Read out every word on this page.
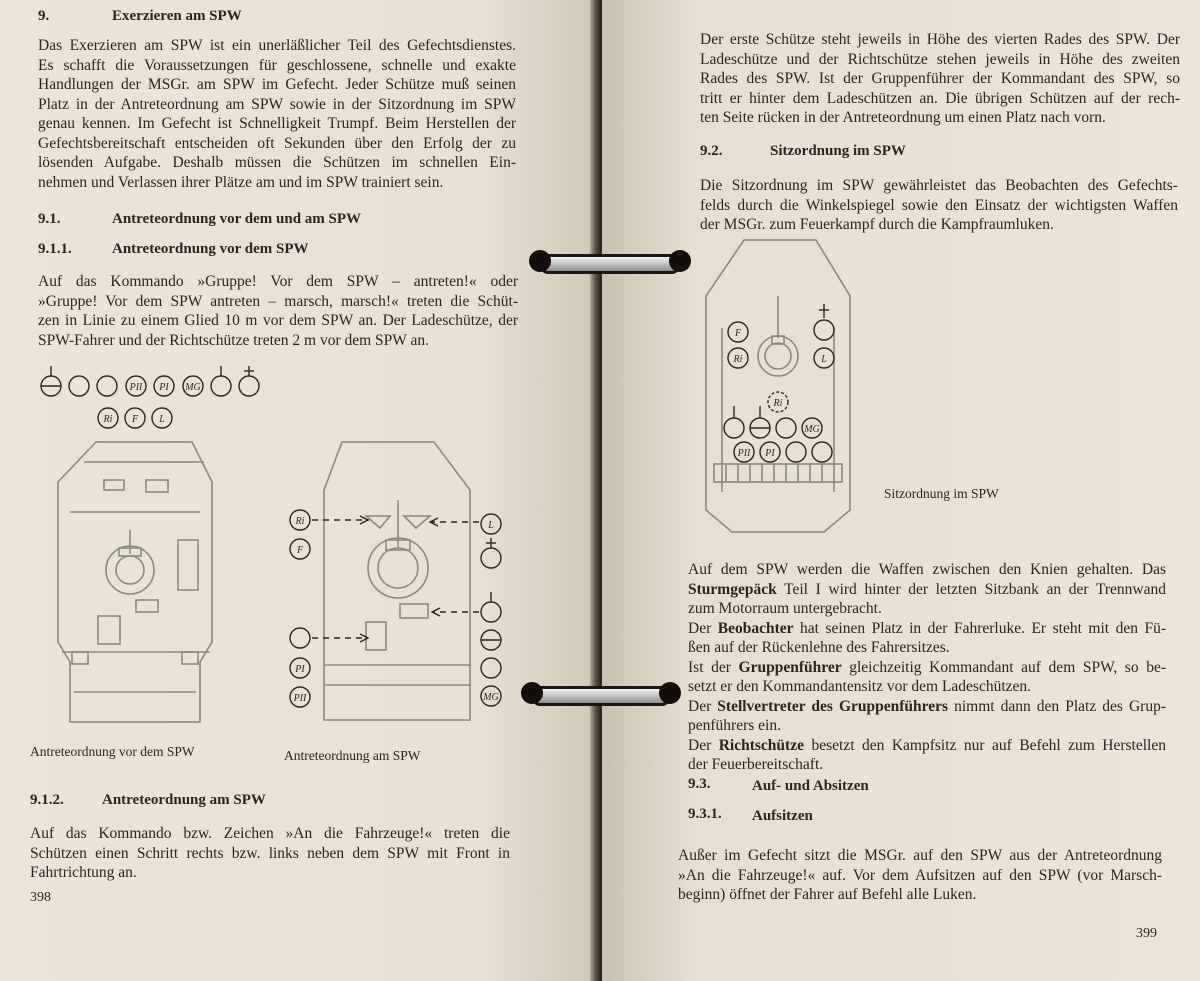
9.	Exerzieren am SPW

Das Exerzieren am SPW ist ein unerläßlicher Teil des Gefechtsdienstes.

Es schafft die Voraussetzungen für geschlossene, schnelle und exakte

Handlungen der MSGr. am SPW im Gefecht. Jeder Schütze muß seinen

Platz in der Antreteordnung am SPW sowie in der Sitzordnung im SPW

genau kennen. Im Gefecht ist Schnelligkeit Trumpf. Beim Herstellen der

Gefechtsbereitschaft entscheiden oft Sekunden über den Erfolg der zu

lösenden Aufgabe. Deshalb müssen die Schützen im schnellen Ein-

nehmen und Verlassen ihrer Plätze am und im SPW trainiert sein.

9.1.	Antreteordnung vor dem und am SPW
9.1.1.	Antreteordnung vor dem SPW

Auf das Kommando »Gruppe! Vor dem SPW – antreten!« oder

»Gruppe! Vor dem SPW antreten – marsch, marsch!« treten die Schüt-

zen in Linie zu einem Glied 10 m vor dem SPW an. Der Ladeschütze, der

SPW-Fahrer und der Richtschütze treten 2 m vor dem SPW an.

PII PI MG
Ri F L
Ri
F
PI
PII
L
MG
Antreteordnung vor dem SPW	Antreteordnung am SPW
9.1.2.	Antreteordnung am SPW

Auf das Kommando bzw. Zeichen »An die Fahrzeuge!« treten die

Schützen einen Schritt rechts bzw. links neben dem SPW mit Front in

Fahrtrichtung an.

398

Der erste Schütze steht jeweils in Höhe des vierten Rades des SPW. Der

Ladeschütze und der Richtschütze stehen jeweils in Höhe des zweiten

Rades des SPW. Ist der Gruppenführer der Kommandant des SPW, so

tritt er hinter dem Ladeschützen an. Die übrigen Schützen auf der rech-

ten Seite rücken in der Antreteordnung um einen Platz nach vorn.

9.2.	Sitzordnung im SPW

Die Sitzordnung im SPW gewährleistet das Beobachten des Gefechts-

felds durch die Winkelspiegel sowie den Einsatz der wichtigsten Waffen

der MSGr. zum Feuerkampf durch die Kampfraumluken.

F
Ri	L
Ri
MG
PII PI
Sitzordnung im SPW

Auf dem SPW werden die Waffen zwischen den Knien gehalten. Das

Sturmgepäck Teil I wird hinter der letzten Sitzbank an der Trennwand

zum Motorraum untergebracht.

Der Beobachter hat seinen Platz in der Fahrerluke. Er steht mit den Fü-

ßen auf der Rückenlehne des Fahrersitzes.

Ist der Gruppenführer gleichzeitig Kommandant auf dem SPW, so be-

setzt er den Kommandantensitz vor dem Ladeschützen.

Der Stellvertreter des Gruppenführers nimmt dann den Platz des Grup-

penführers ein.

Der Richtschütze besetzt den Kampfsitz nur auf Befehl zum Herstellen

der Feuerbereitschaft.

9.3.	Auf- und Absitzen
9.3.1. Aufsitzen

Außer im Gefecht sitzt die MSGr. auf den SPW aus der Antreteordnung

»An die Fahrzeuge!« auf. Vor dem Aufsitzen auf den SPW (vor Marsch-

beginn) öffnet der Fahrer auf Befehl alle Luken.

399
